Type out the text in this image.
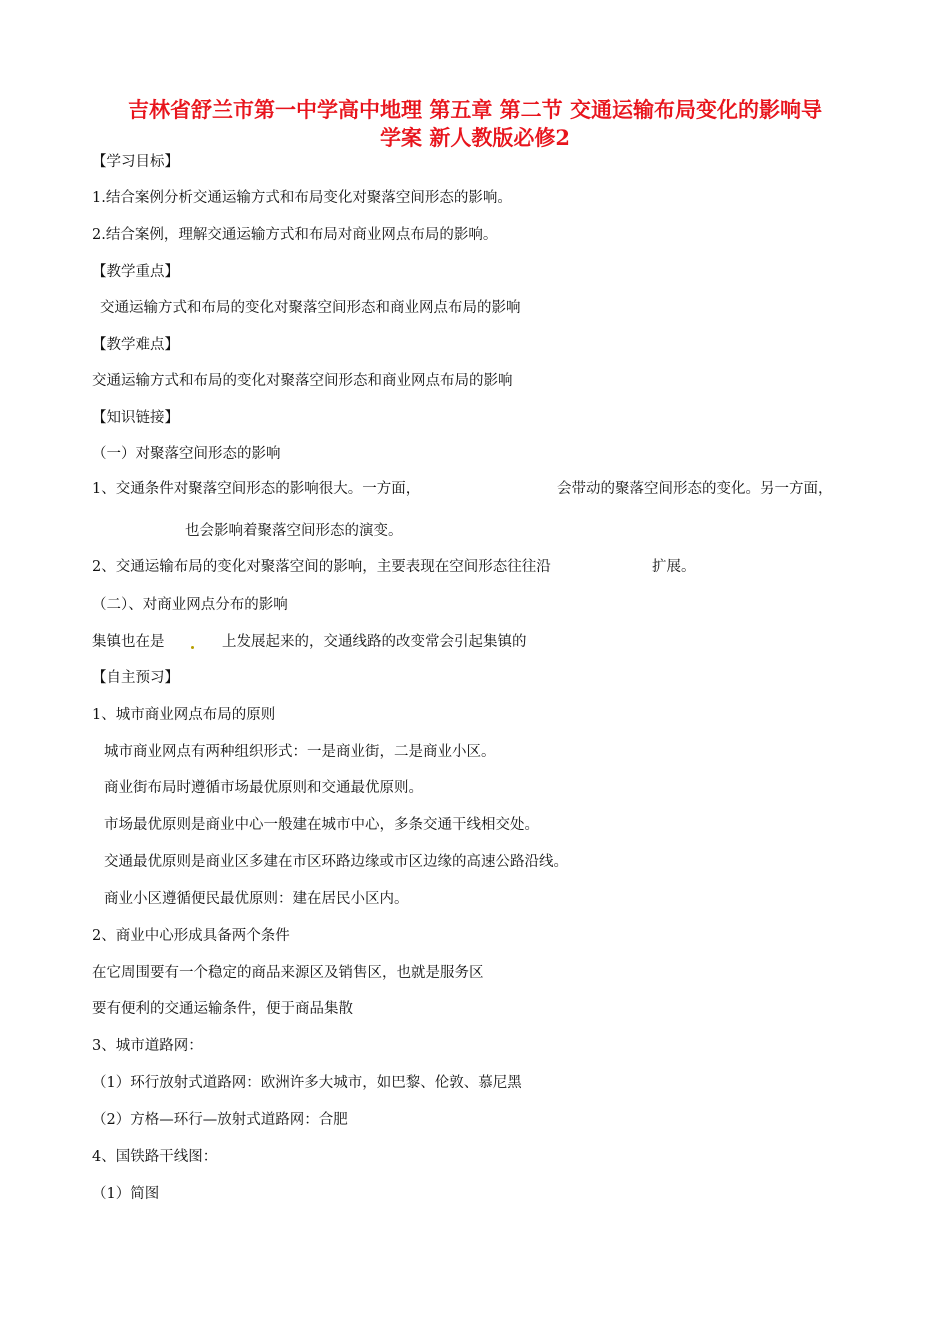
吉林省舒兰市第一中学高中地理 第五章 第二节 交通运输布局变化的影响导
学案 新人教版必修2

【学习目标】

1.结合案例分析交通运输方式和布局变化对聚落空间形态的影响。

2.结合案例，理解交通运输方式和布局对商业网点布局的影响。

【教学重点】

交通运输方式和布局的变化对聚落空间形态和商业网点布局的影响

【教学难点】

交通运输方式和布局的变化对聚落空间形态和商业网点布局的影响

【知识链接】

（一）对聚落空间形态的影响

1、交通条件对聚落空间形态的影响很大。一方面，	会带动的聚落空间形态的变化。另一方面，

也会影响着聚落空间形态的演变。

2、交通运输布局的变化对聚落空间的影响，主要表现在空间形态往往沿	扩展。

（二）、对商业网点分布的影响

集镇也在是	上发展起来的，交通线路的改变常会引起集镇的

【自主预习】

1、城市商业网点布局的原则

城市商业网点有两种组织形式：一是商业街，二是商业小区。

商业街布局时遵循市场最优原则和交通最优原则。

市场最优原则是商业中心一般建在城市中心，多条交通干线相交处。

交通最优原则是商业区多建在市区环路边缘或市区边缘的高速公路沿线。

商业小区遵循便民最优原则：建在居民小区内。

2、商业中心形成具备两个条件

在它周围要有一个稳定的商品来源区及销售区，也就是服务区

要有便利的交通运输条件，便于商品集散

3、城市道路网：

（1）环行放射式道路网：欧洲许多大城市，如巴黎、伦敦、慕尼黑

（2）方格—环行—放射式道路网：合肥

4、国铁路干线图：

（1）简图
